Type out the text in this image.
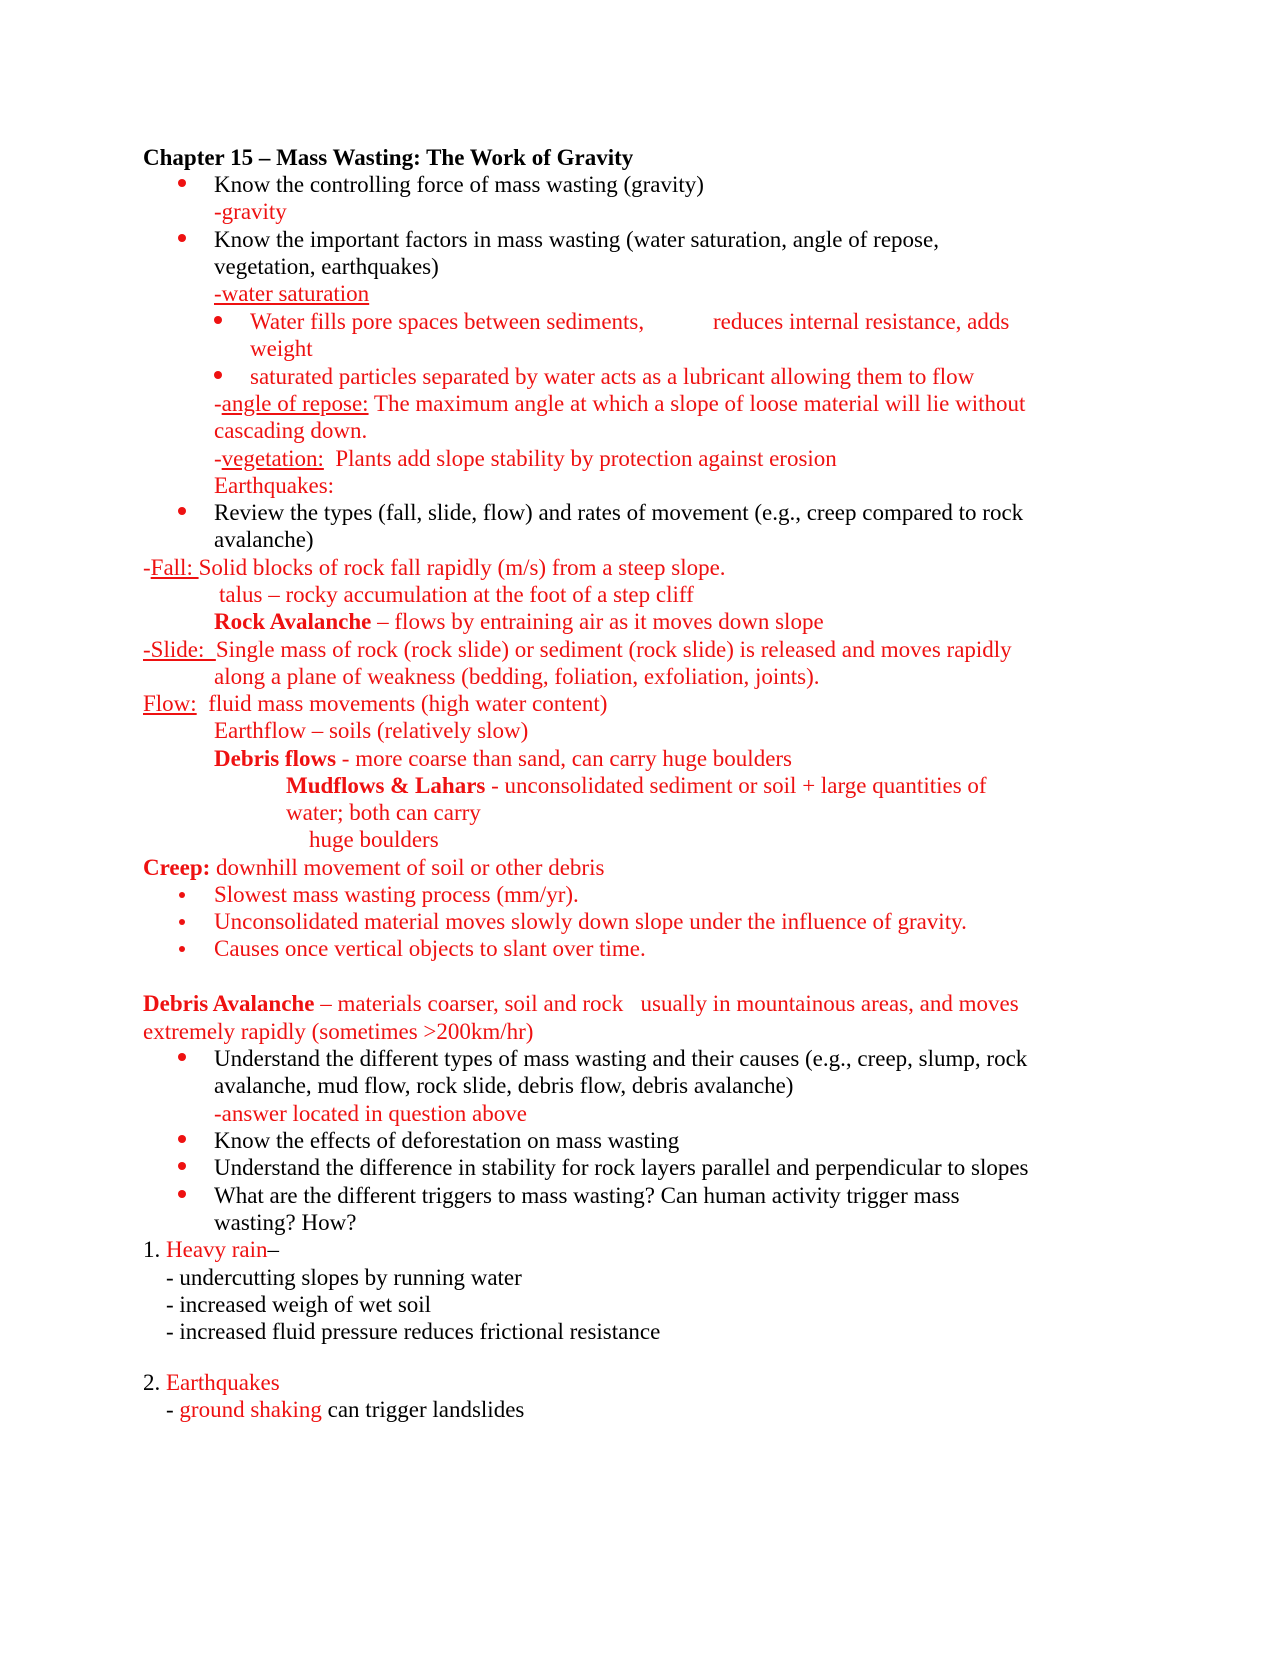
Chapter 15 – Mass Wasting: The Work of Gravity
Know the controlling force of mass wasting (gravity)
-gravity
Know the important factors in mass wasting (water saturation, angle of repose,
vegetation, earthquakes)
-water saturation
Water fills pore spaces between sediments,	reduces internal resistance, adds
weight
saturated particles separated by water acts as a lubricant allowing them to flow
-angle of repose: The maximum angle at which a slope of loose material will lie without
cascading down.
-vegetation:  Plants add slope stability by protection against erosion
Earthquakes:
Review the types (fall, slide, flow) and rates of movement (e.g., creep compared to rock
avalanche)
-Fall: Solid blocks of rock fall rapidly (m/s) from a steep slope.
talus – rocky accumulation at the foot of a step cliff
Rock Avalanche – flows by entraining air as it moves down slope
-Slide:  Single mass of rock (rock slide) or sediment (rock slide) is released and moves rapidly
along a plane of weakness (bedding, foliation, exfoliation, joints).
Flow:  fluid mass movements (high water content)
Earthflow – soils (relatively slow)
Debris flows - more coarse than sand, can carry huge boulders
Mudflows & Lahars - unconsolidated sediment or soil + large quantities of
water; both can carry
huge boulders
Creep: downhill movement of soil or other debris
Slowest mass wasting process (mm/yr).
Unconsolidated material moves slowly down slope under the influence of gravity.
Causes once vertical objects to slant over time.
Debris Avalanche – materials coarser, soil and rock   usually in mountainous areas, and moves
extremely rapidly (sometimes >200km/hr)
Understand the different types of mass wasting and their causes (e.g., creep, slump, rock
avalanche, mud flow, rock slide, debris flow, debris avalanche)
-answer located in question above
Know the effects of deforestation on mass wasting
Understand the difference in stability for rock layers parallel and perpendicular to slopes
What are the different triggers to mass wasting? Can human activity trigger mass
wasting? How?
1. Heavy rain–
- undercutting slopes by running water
- increased weigh of wet soil
- increased fluid pressure reduces frictional resistance
2. Earthquakes
- ground shaking can trigger landslides
